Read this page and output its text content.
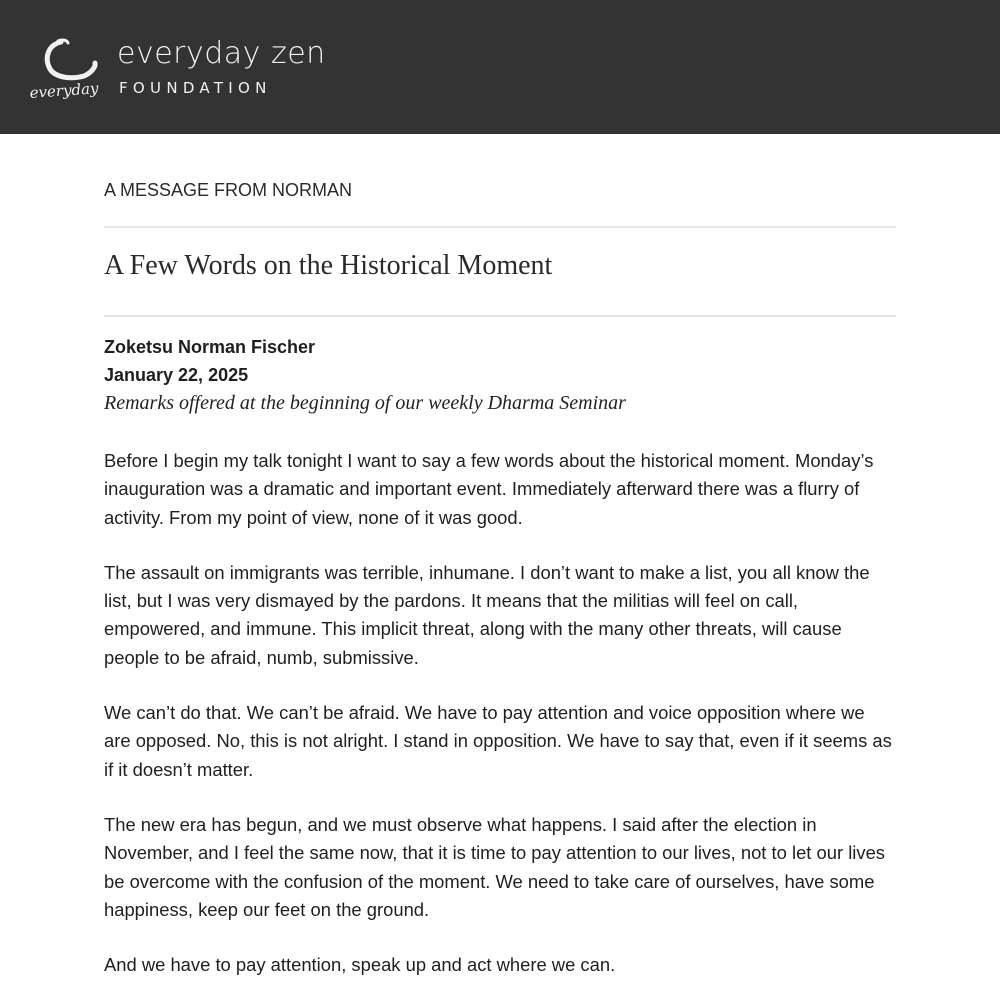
everyday
everyday zen
FOUNDATION
A MESSAGE FROM NORMAN
A Few Words on the Historical Moment
Zoketsu Norman Fischer
January 22, 2025
Remarks offered at the beginning of our weekly Dharma Seminar

Before I begin my talk tonight I want to say a few words about the historical moment. Monday’s inauguration was a dramatic and important event. Immediately afterward there was a flurry of activity. From my point of view, none of it was good.

The assault on immigrants was terrible, inhumane. I don’t want to make a list, you all know the list, but I was very dismayed by the pardons. It means that the militias will feel on call, empowered, and immune. This implicit threat, along with the many other threats, will cause people to be afraid, numb, submissive.

We can’t do that. We can’t be afraid. We have to pay attention and voice opposition where we are opposed. No, this is not alright. I stand in opposition. We have to say that, even if it seems as if it doesn’t matter.

The new era has begun, and we must observe what happens. I said after the election in November, and I feel the same now, that it is time to pay attention to our lives, not to let our lives be overcome with the confusion of the moment. We need to take care of ourselves, have some happiness, keep our feet on the ground.

And we have to pay attention, speak up and act where we can.
